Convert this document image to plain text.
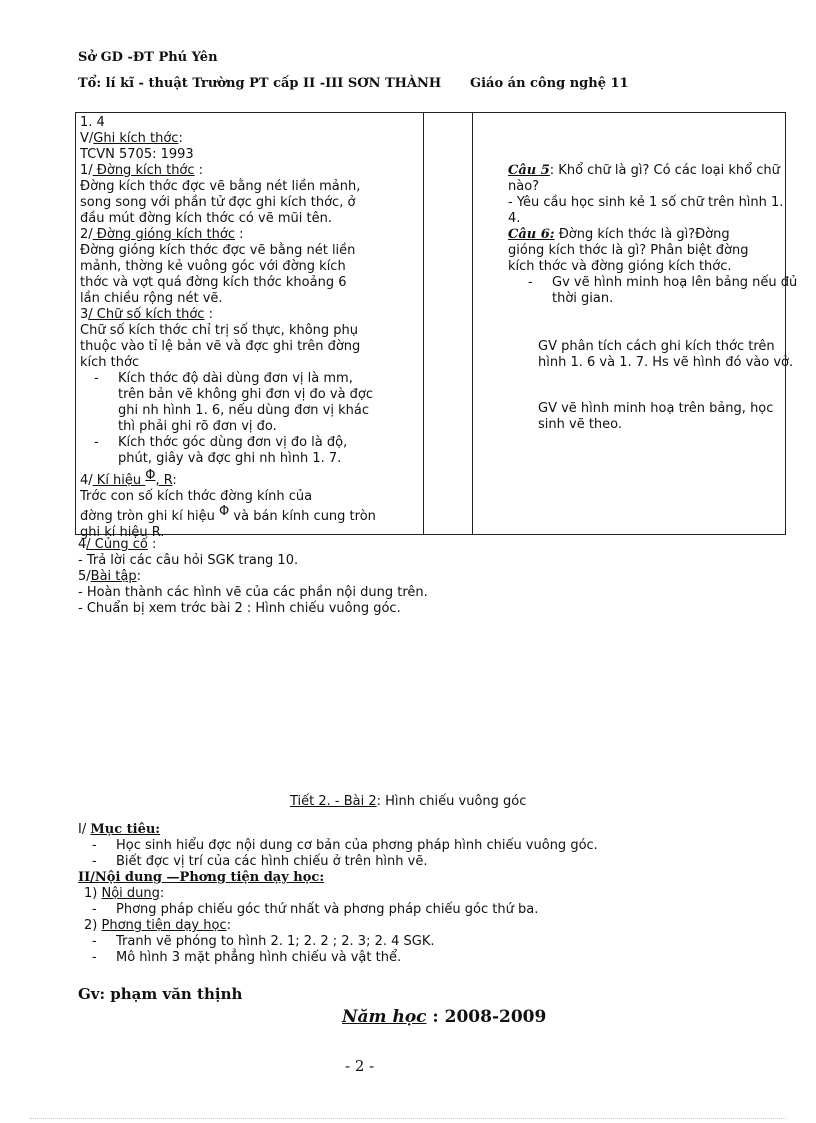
Sở GD -ĐT Phú Yên
Tổ: lí kĩ - thuật Trường PT cấp II -III SƠN THÀNH Giáo án công nghệ 11
1. 4
V/Ghi kích thớc:
TCVN 5705: 1993
1/ Đờng kích thớc :
Đờng kích thớc đợc vẽ bằng nét liền mảnh,
song song với phần tử đợc ghi kích thớc, ở
đầu mút đờng kích thớc có vẽ mũi tên.
2/ Đờng gióng kích thớc :
Đờng gióng kích thớc đợc vẽ bằng nét liền
mảnh, thờng kẻ vuông góc với đờng kích
thớc và vợt quá đờng kích thớc khoảng 6
lần chiều rộng nét vẽ.
3/ Chữ số kích thớc :
Chữ số kích thớc chỉ trị số thực, không phụ
thuộc vào tỉ lệ bản vẽ và đợc ghi trên đờng
kích thớc
- Kích thớc độ dài dùng đơn vị là mm,
trên bản vẽ không ghi đơn vị đo và đợc
ghi nh hình 1. 6, nếu dùng đơn vị khác
thì phải ghi rõ đơn vị đo.
- Kích thớc góc dùng đơn vị đo là độ,
phút, giây và đợc ghi nh hình 1. 7.
4/ Kí hiệu Φ, R:
Trớc con số kích thớc đờng kính của
đờng tròn ghi kí hiệu Φ và bán kính cung tròn
ghi kí hiệu R.
Câu 5: Khổ chữ là gì? Có các loại khổ chữ
nào?
- Yêu cầu học sinh kẻ 1 số chữ trên hình 1.
4.
Câu 6: Đờng kích thớc là gì?Đờng
gióng kích thớc là gì? Phân biệt đờng
kích thớc và đờng gióng kích thớc.
- Gv vẽ hình minh hoạ lên bảng nếu đủ
thời gian.
GV phân tích cách ghi kích thớc trên
hình 1. 6 và 1. 7. Hs vẽ hình đó vào vở.
GV vẽ hình minh hoạ trên bảng, học
sinh vẽ theo.
4/ Củng cố :
- Trả lời các câu hỏi SGK trang 10.
5/Bài tập:
- Hoàn thành các hình vẽ của các phần nội dung trên.
- Chuẩn bị xem trớc bài 2 : Hình chiếu vuông góc.
Tiết 2. - Bài 2: Hình chiếu vuông góc
I/ Mục tiêu:
- Học sinh hiểu đợc nội dung cơ bản của phơng pháp hình chiếu vuông góc.
- Biết đợc vị trí của các hình chiếu ở trên hình vẽ.
II/Nội dung —Phơng tiện dạy học:
1) Nội dung:
- Phơng pháp chiếu góc thứ nhất và phơng pháp chiếu góc thứ ba.
2) Phơng tiện dạy học:
- Tranh vẽ phóng to hình 2. 1; 2. 2 ; 2. 3; 2. 4 SGK.
- Mô hình 3 mặt phẳng hình chiếu và vật thể.
Gv: phạm văn thịnh
Năm học : 2008-2009
- 2 -
